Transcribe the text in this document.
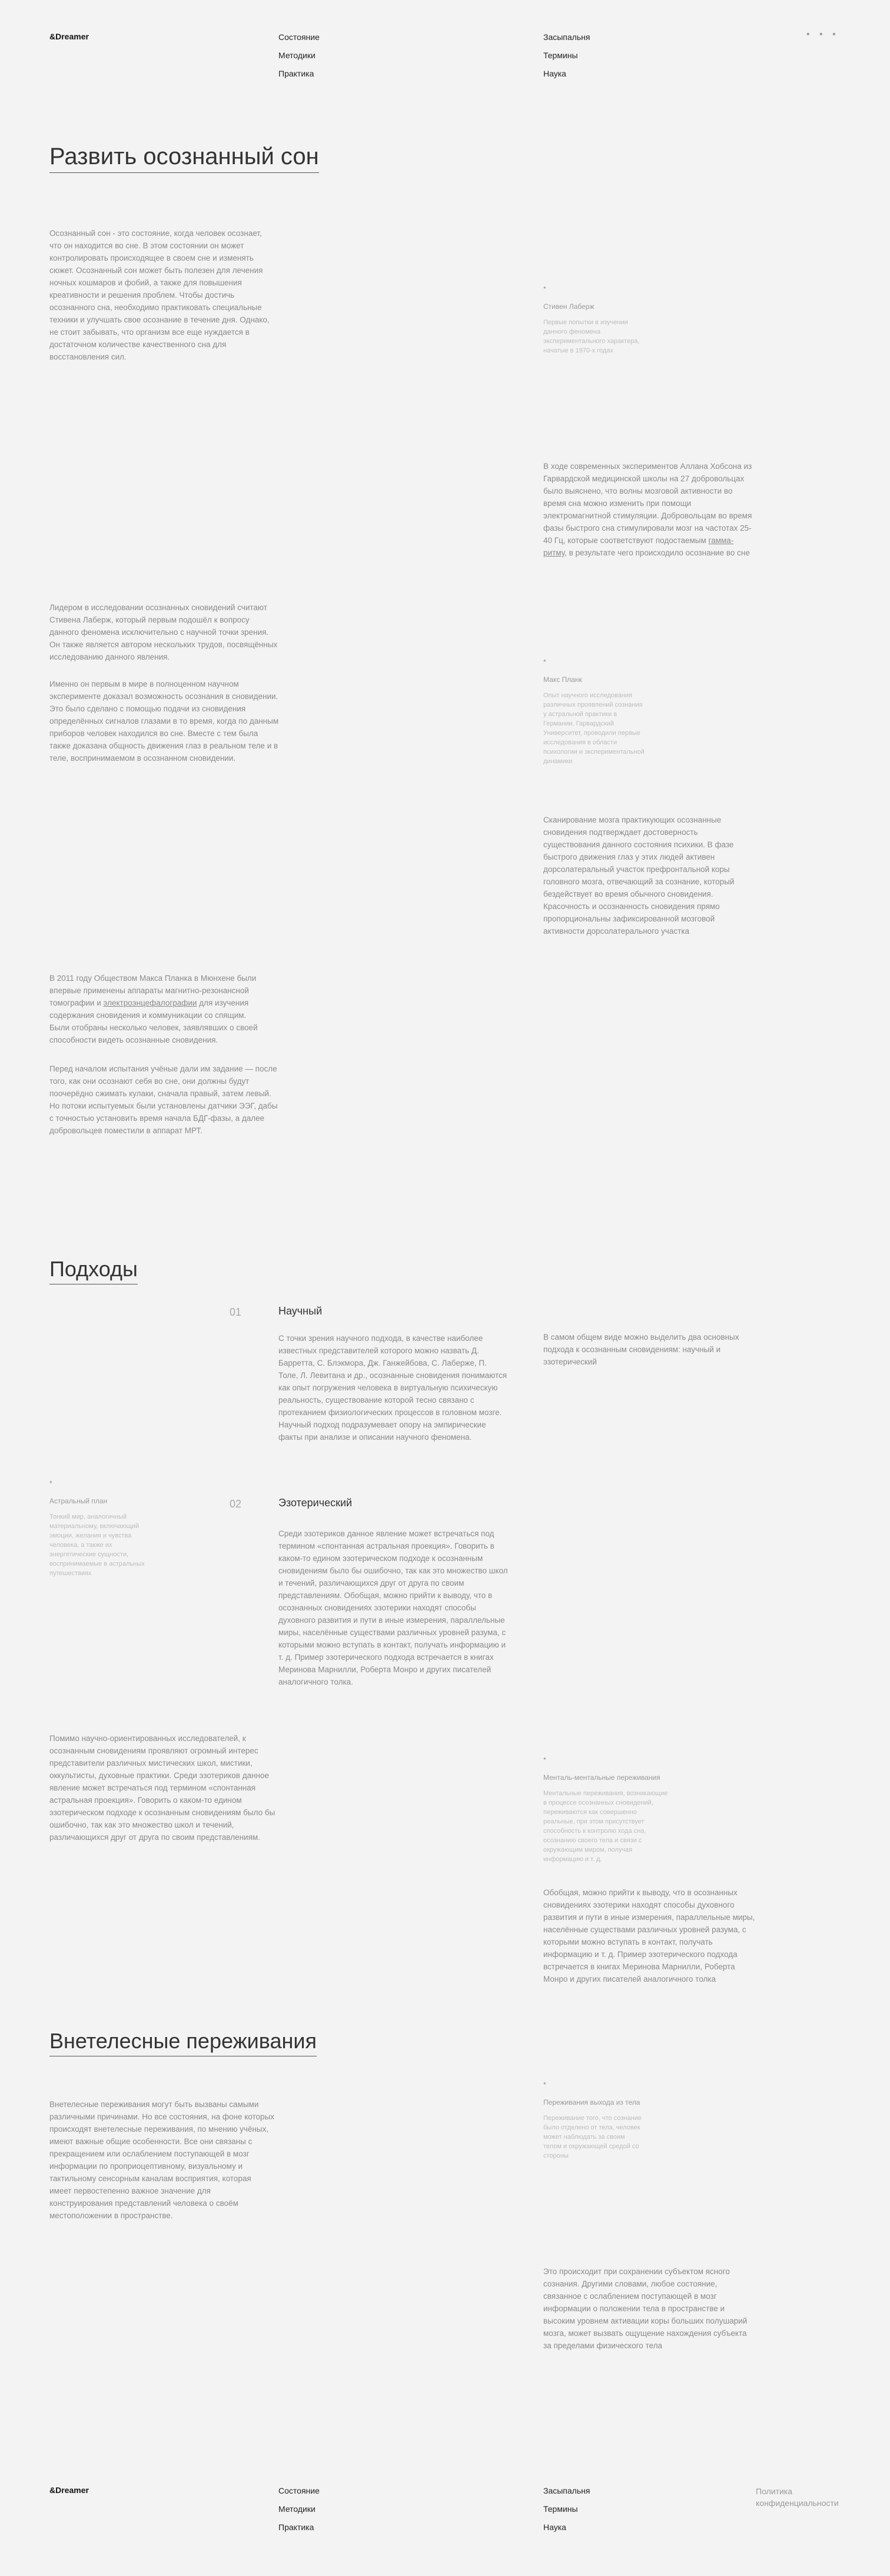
&Dreamer	Состояние
Методики
Практика
Засыпальня
Термины
Наука
• • •
Развить осознанный сон

Осознанный сон - это состояние, когда человек осознает, что он находится во сне. В этом состоянии он может контролировать происходящее в своем сне и изменять сюжет. Осознанный сон может быть полезен для лечения ночных кошмаров и фобий, а также для повышения креативности и решения проблем. Чтобы достичь осознанного сна, необходимо практиковать специальные техники и улучшать свое осознание в течение дня. Однако, не стоит забывать, что организм все еще нуждается в достаточном количестве качественного сна для восстановления сил.

*
Стивен Лаберж
Первые попытки в изучении данного феномена экспериментального характера, начатые в 1970-х годах

В ходе современных экспериментов Аллана Хобсона из Гарвардской медицинской школы на 27 добровольцах было выяснено, что волны мозговой активности во время сна можно изменить при помощи электромагнитной стимуляции. Добровольцам во время фазы быстрого сна стимулировали мозг на частотах 25-40 Гц, которые соответствуют подостаемым гамма-ритму, в результате чего происходило осознание во сне

Лидером в исследовании осознанных сновидений считают Стивена Лаберж, который первым подошёл к вопросу данного феномена исключительно с научной точки зрения. Он также является автором нескольких трудов, посвящённых исследованию данного явления.

Именно он первым в мире в полноценном научном эксперименте доказал возможность осознания в сновидении. Это было сделано с помощью подачи из сновидения определённых сигналов глазами в то время, когда по данным приборов человек находился во сне. Вместе с тем была также доказана общность движения глаз в реальном теле и в теле, воспринимаемом в осознанном сновидении.

*
Макс Планк
Опыт научного исследования различных проявлений сознания у астральной практики в Германии, Гарвардский Университет, проводили первые исследования в области психологии и экспериментальной динамики

Сканирование мозга практикующих осознанные сновидения подтверждает достоверность существования данного состояния психики. В фазе быстрого движения глаз у этих людей активен дорсолатеральный участок префронтальной коры головного мозга, отвечающий за сознание, который бездействует во время обычного сновидения. Красочность и осознанность сновидения прямо пропорциональны зафиксированной мозговой активности дорсолатерального участка

В 2011 году Обществом Макса Планка в Мюнхене были впервые применены аппараты магнитно-резонансной томографии и электроэнцефалографии для изучения содержания сновидения и коммуникации со спящим. Были отобраны несколько человек, заявлявших о своей способности видеть осознанные сновидения.

Перед началом испытания учёные дали им задание — после того, как они осознают себя во сне, они должны будут поочерёдно сжимать кулаки, сначала правый, затем левый. Но потоки испытуемых были установлены датчики ЭЭГ, дабы с точностью установить время начала БДГ-фазы, а далее добровольцев поместили в аппарат МРТ.

Подходы
01	Научный

С точки зрения научного подхода, в качестве наиболее известных представителей которого можно назвать Д. Барретта, С. Блэкмора, Дж. Ганжейбова, С. Лаберже, П. Толе, Л. Левитана и др., осознанные сновидения понимаются как опыт погружения человека в виртуальную психическую реальность, существование которой тесно связано с протеканием физиологических процессов в головном мозге. Научный подход подразумевает опору на эмпирические факты при анализе и описании научного феномена.

В самом общем виде можно выделить два основных подхода к осознанным сновидениям: научный и эзотерический

*
Астральный план
Тонкий мир, аналогичный материальному, включающий эмоции, желания и чувства человека, а также их энергетические сущности, воспринимаемые в астральных путешествиях
02	Эзотерический

Среди эзотериков данное явление может встречаться под термином «спонтанная астральная проекция». Говорить в каком-то едином эзотерическом подходе к осознанным сновидениям было бы ошибочно, так как это множество школ и течений, различающихся друг от друга по своим представлениям. Обобщая, можно прийти к выводу, что в осознанных сновидениях эзотерики находят способы духовного развития и пути в иные измерения, параллельные миры, населённые существами различных уровней разума, с которыми можно вступать в контакт, получать информацию и т. д. Пример эзотерического подхода встречается в книгах Меринова Марнилли, Роберта Монро и других писателей аналогичного толка.

Помимо научно-ориентированных исследователей, к осознанным сновидениям проявляют огромный интерес представители различных мистических школ, мистики, оккультисты, духовные практики. Среди эзотериков данное явление может встречаться под термином «спонтанная астральная проекция». Говорить о каком-то едином эзотерическом подходе к осознанным сновидениям было бы ошибочно, так как это множество школ и течений, различающихся друг от друга по своим представлениям.

*
Менталь-ментальные переживания
Ментальные переживания, возникающие в процессе осознанных сновидений, переживаются как совершенно реальные, при этом присутствует способность к контролю хода сна, осознанию своего тела и связи с окружающим миром, получая информацию и т. д.

Обобщая, можно прийти к выводу, что в осознанных сновидениях эзотерики находят способы духовного развития и пути в иные измерения, параллельные миры, населённые существами различных уровней разума, с которыми можно вступать в контакт, получать информацию и т. д. Пример эзотерического подхода встречается в книгах Меринова Марнилли, Роберта Монро и других писателей аналогичного толка

Внетелесные переживания
*
Переживания выхода из тела
Переживание того, что сознание было отделено от тела, человек может наблюдать за своим телом и окружающей средой со стороны

Внетелесные переживания могут быть вызваны самыми различными причинами. Но все состояния, на фоне которых происходят внетелесные переживания, по мнению учёных, имеют важные общие особенности. Все они связаны с прекращением или ослаблением поступающей в мозг информации по проприоцептивному, визуальному и тактильному сенсорным каналам восприятия, которая имеет первостепенно важное значение для конструирования представлений человека о своём местоположении в пространстве.

Это происходит при сохранении субъектом ясного сознания. Другими словами, любое состояние, связанное с ослаблением поступающей в мозг информации о положении тела в пространстве и высоким уровнем активации коры больших полушарий мозга, может вызвать ощущение нахождения субъекта за пределами физического тела

&Dreamer	Состояние
Методики
Практика
Засыпальня
Термины
Наука
Политика конфиденциальности
